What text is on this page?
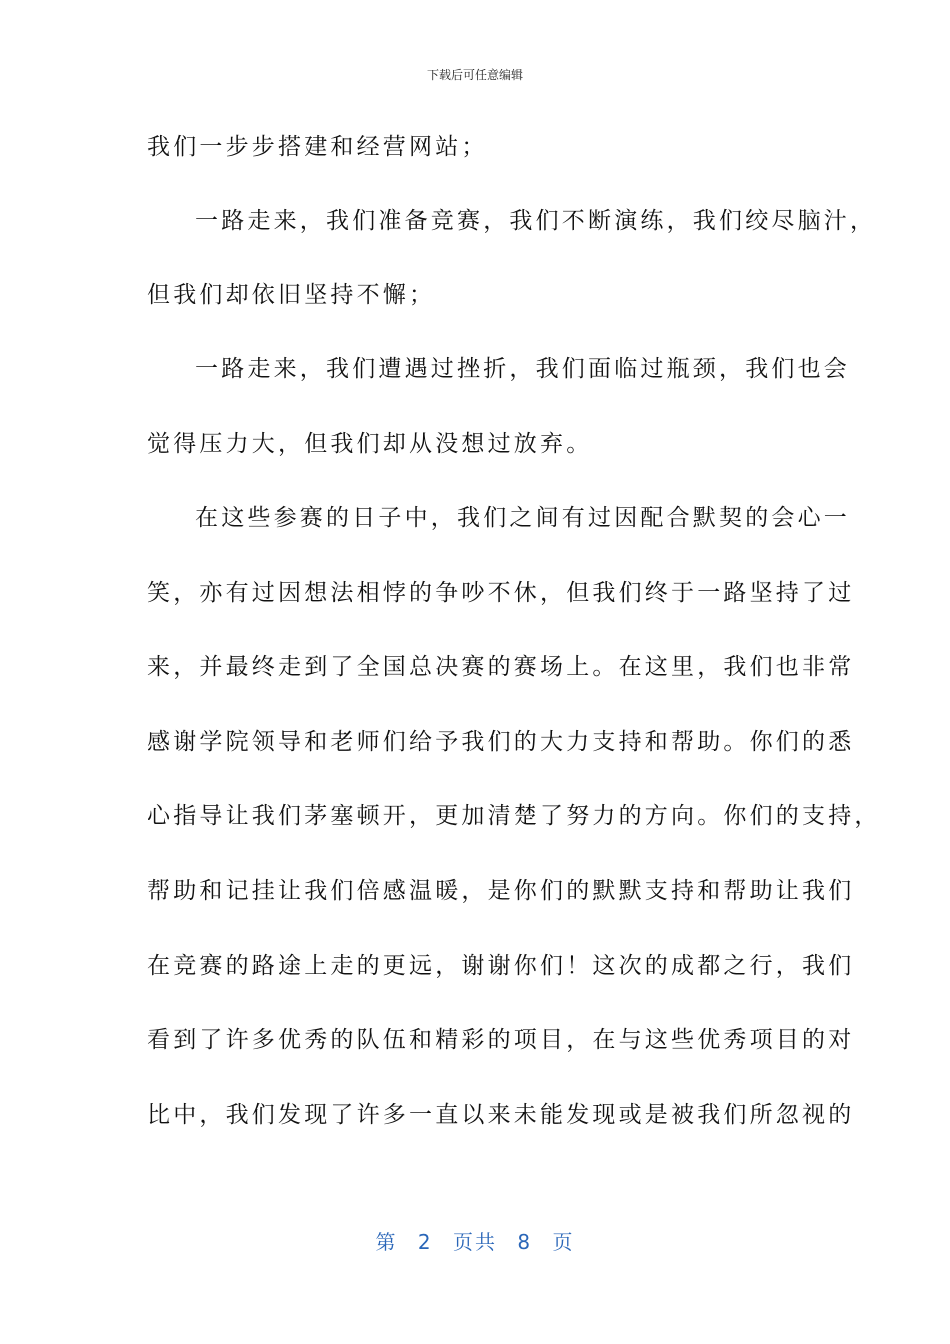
下载后可任意编辑
我们一步步搭建和经营网站；
一路走来，我们准备竞赛，我们不断演练，我们绞尽脑汁，
但我们却依旧坚持不懈；
一路走来，我们遭遇过挫折，我们面临过瓶颈，我们也会
觉得压力大，但我们却从没想过放弃。
在这些参赛的日子中，我们之间有过因配合默契的会心一
笑，亦有过因想法相悖的争吵不休，但我们终于一路坚持了过
来，并最终走到了全国总决赛的赛场上。在这里，我们也非常
感谢学院领导和老师们给予我们的大力支持和帮助。你们的悉
心指导让我们茅塞顿开，更加清楚了努力的方向。你们的支持，
帮助和记挂让我们倍感温暖，是你们的默默支持和帮助让我们
在竞赛的路途上走的更远，谢谢你们！这次的成都之行，我们
看到了许多优秀的队伍和精彩的项目，在与这些优秀项目的对
比中，我们发现了许多一直以来未能发现或是被我们所忽视的
第 2 页共 8 页
